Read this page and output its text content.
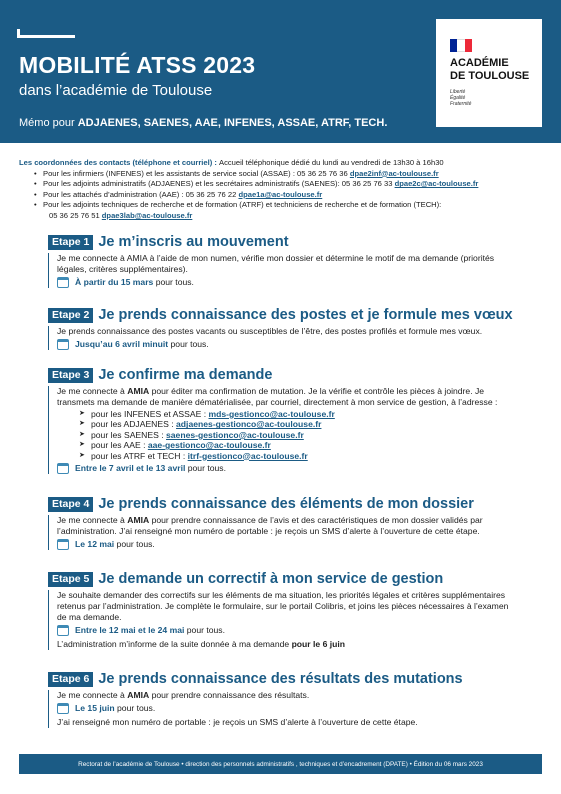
MOBILITÉ ATSS 2023
dans l’académie de Toulouse
Mémo pour ADJAENES, SAENES, AAE, INFENES, ASSAE, ATRF, TECH.
ACADÉMIE
DE TOULOUSE
Liberté
Égalité
Fraternité
Les coordonnées des contacts (téléphone et courriel) : Accueil téléphonique dédié du lundi au vendredi de 13h30 à 16h30
• Pour les infirmiers (INFENES) et les assistants de service social (ASSAE) : 05 36 25 76 36 dpae2inf@ac-toulouse.fr
• Pour les adjoints administratifs (ADJAENES) et les secrétaires administratifs (SAENES): 05 36 25 76 33 dpae2c@ac-toulouse.fr
• Pour les attachés d’administration (AAE) : 05 36 25 76 22 dpae1a@ac-toulouse.fr
• Pour les adjoints techniques de recherche et de formation (ATRF) et techniciens de recherche et de formation (TECH):
05 36 25 76 51 dpae3lab@ac-toulouse.fr
Etape 1 Je m’inscris au mouvement

Je me connecte à AMIA à l’aide de mon numen, vérifie mon dossier et détermine le motif de ma demande (priorités légales, critères supplémentaires).

À partir du 15 mars pour tous.
Etape 2 Je prends connaissance des postes et je formule mes vœux

Je prends connaissance des postes vacants ou susceptibles de l’être, des postes profilés et formule mes vœux.

Jusqu’au 6 avril minuit pour tous.
Etape 3 Je confirme ma demande

Je me connecte à AMIA pour éditer ma confirmation de mutation. Je la vérifie et contrôle les pièces à joindre. Je transmets ma demande de manière dématérialisée, par courriel, directement à mon service de gestion, à l’adresse :

➤ pour les INFENES et ASSAE : mds-gestionco@ac-toulouse.fr
➤ pour les ADJAENES : adjaenes-gestionco@ac-toulouse.fr
➤ pour les SAENES : saenes-gestionco@ac-toulouse.fr
➤ pour les AAE : aae-gestionco@ac-toulouse.fr
➤ pour les ATRF et TECH : itrf-gestionco@ac-toulouse.fr
Entre le 7 avril et le 13 avril pour tous.
Etape 4 Je prends connaissance des éléments de mon dossier

Je me connecte à AMIA pour prendre connaissance de l’avis et des caractéristiques de mon dossier validés par l’administration. J’ai renseigné mon numéro de portable : je reçois un SMS d’alerte à l’ouverture de cette étape.

Le 12 mai pour tous.
Etape 5 Je demande un correctif à mon service de gestion

Je souhaite demander des correctifs sur les éléments de ma situation, les priorités légales et critères supplémentaires retenus par l’administration. Je complète le formulaire, sur le portail Colibris, et joins les pièces nécessaires à l’examen de ma demande.

Entre le 12 mai et le 24 mai pour tous.

L’administration m’informe de la suite donnée à ma demande pour le 6 juin

Etape 6 Je prends connaissance des résultats des mutations

Je me connecte à AMIA pour prendre connaissance des résultats.

Le 15 juin pour tous.

J’ai renseigné mon numéro de portable : je reçois un SMS d’alerte à l’ouverture de cette étape.

Rectorat de l’académie de Toulouse • direction des personnels administratifs , techniques et d’encadrement (DPATE) • Édition du 06 mars 2023
